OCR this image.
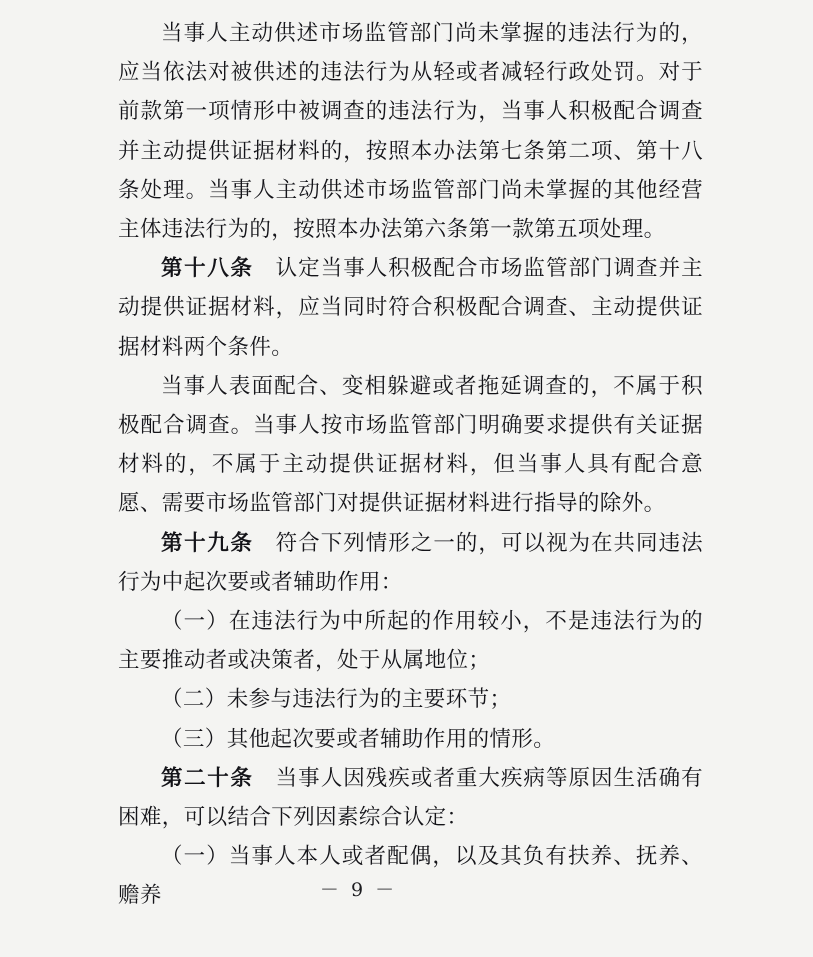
当事人主动供述市场监管部门尚未掌握的违法行为的，应当依法对被供述的违法行为从轻或者减轻行政处罚。对于前款第一项情形中被调查的违法行为，当事人积极配合调查并主动提供证据材料的，按照本办法第七条第二项、第十八条处理。当事人主动供述市场监管部门尚未掌握的其他经营主体违法行为的，按照本办法第六条第一款第五项处理。

第十八条 认定当事人积极配合市场监管部门调查并主动提供证据材料，应当同时符合积极配合调查、主动提供证据材料两个条件。

当事人表面配合、变相躲避或者拖延调查的，不属于积极配合调查。当事人按市场监管部门明确要求提供有关证据材料的，不属于主动提供证据材料，但当事人具有配合意愿、需要市场监管部门对提供证据材料进行指导的除外。

第十九条 符合下列情形之一的，可以视为在共同违法行为中起次要或者辅助作用：

（一）在违法行为中所起的作用较小，不是违法行为的主要推动者或决策者，处于从属地位；

（二）未参与违法行为的主要环节；

（三）其他起次要或者辅助作用的情形。

第二十条 当事人因残疾或者重大疾病等原因生活确有困难，可以结合下列因素综合认定：

（一）当事人本人或者配偶，以及其负有扶养、抚养、赡养	－ 9 －
